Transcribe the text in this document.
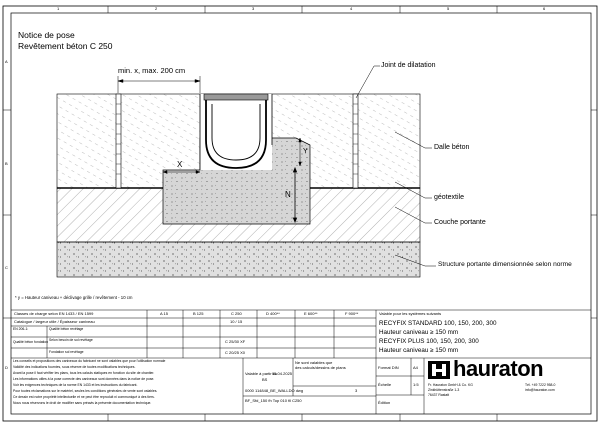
1	2	3	4	5	6
A
B
C
D
Notice de pose
Revêtement béton C 250
min. x, max. 200 cm
X
Y
N
Joint de dilatation
Dalle béton
géotextile
Couche portante
Structure portante dimensionnée selon norme
* y = Hauteur caniveau + déclivage grille / revêtement - 10 cm
Classes de charge selon EN 1433 / EN 1599	A 15	B 125	C 250	D 400**	E 600**	F 900**
Catalogue / largeur utile / Épaisseur caniveau	10 / 15
EN 206-1:	Qualité béton revêtage
Qualité béton fondation Selon besoin de sol revêtage	C 25/30 XF
Fondation sol revêtage	C 20/25 X0
Valable pour les systèmes suivants
RECYFIX STANDARD 100, 150, 200, 300
Hauteur caniveau ≥ 150 mm
RECYFIX PLUS 100, 150, 200, 300
Hauteur caniveau ≥ 150 mm
Les conseils et propositions des caniveaux du fabricant ne sont valables que pour l'utilisation normale
Validité des indications fournies, sous réserve de toutes modifications techniques.
Avant la pose il faut vérifier les plans, tous les calculs statiques en fonction du site de chantier.
Les informations utiles à la pose correcte des caniveaux sont données dans la notice de pose.
Voir les exigences techniques de la norme EN 1433 et les instructions du fabricant.
Pour toutes réclamations sur le matériel, seules les conditions générales de vente sont valables.
Ce dessin est notre propriété intellectuelle et ne peut être reproduit ni communiqué à des tiers.
Nous nous réservons le droit de modifier sans préavis la présente documentation technique.
Valable à partir du
BS
01.04.2025
Ne sont valables que
des calculs/dessins de plans
0000 114848_BE_WALLDO dwg	3
BF_Sfd_150 fh Top 010 fil C250
Format DIN	A4
Échelle	1:5
Édition
hauraton
Fr. Hauraton GmbH & Co. KG
Zinkhüttenstraße 1-3
76437 Rastatt
Tél. +49 7222 958-0
info@hauraton.com
